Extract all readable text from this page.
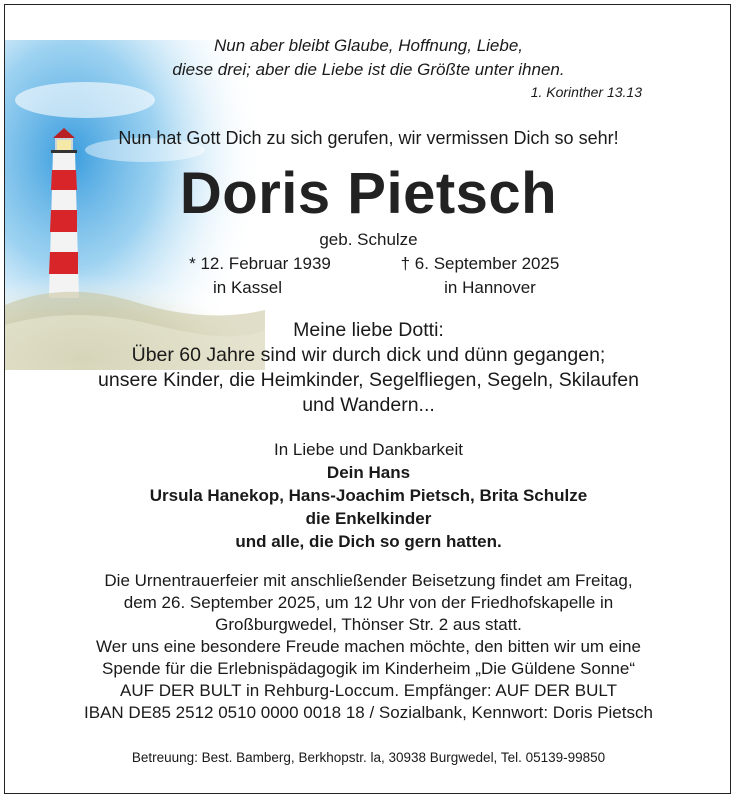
Nun aber bleibt Glaube, Hoffnung, Liebe,
diese drei; aber die Liebe ist die Größte unter ihnen.
1. Korinther 13.13
Nun hat Gott Dich zu sich gerufen, wir vermissen Dich so sehr!
Doris Pietsch
geb. Schulze
* 12. Februar 1939
in Kassel
† 6. September 2025
in Hannover
Meine liebe Dotti:
Über 60 Jahre sind wir durch dick und dünn gegangen;
unsere Kinder, die Heimkinder, Segelfliegen, Segeln, Skilaufen
und Wandern...
In Liebe und Dankbarkeit
Dein Hans
Ursula Hanekop, Hans-Joachim Pietsch, Brita Schulze
die Enkelkinder
und alle, die Dich so gern hatten.
Die Urnentrauerfeier mit anschließender Beisetzung findet am Freitag,
dem 26. September 2025, um 12 Uhr von der Friedhofskapelle in
Großburgwedel, Thönser Str. 2 aus statt.
Wer uns eine besondere Freude machen möchte, den bitten wir um eine
Spende für die Erlebnispädagogik im Kinderheim „Die Güldene Sonne“
AUF DER BULT in Rehburg-Loccum. Empfänger: AUF DER BULT
IBAN DE85 2512 0510 0000 0018 18 / Sozialbank, Kennwort: Doris Pietsch
Betreuung: Best. Bamberg, Berkhopstr. la, 30938 Burgwedel, Tel. 05139-99850
